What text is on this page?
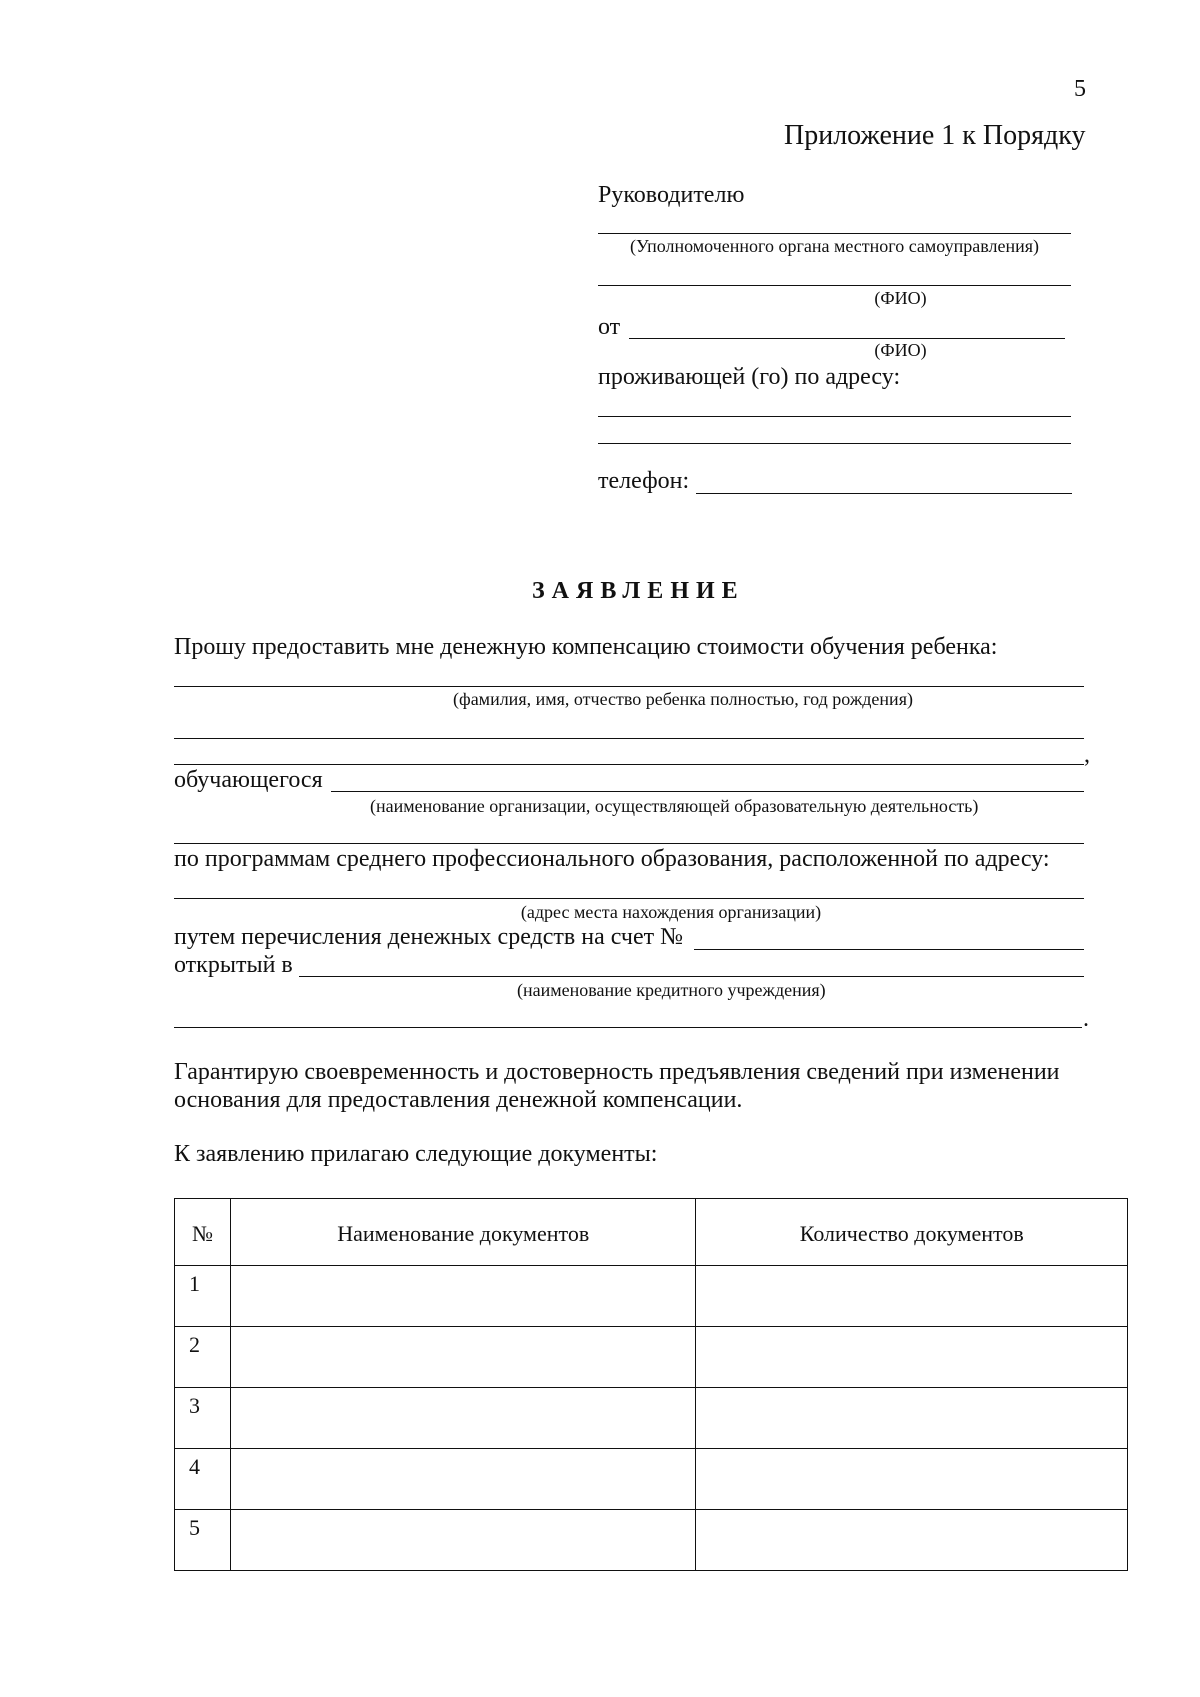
5
Приложение 1 к Порядку
Руководителю
(Уполномоченного органа местного самоуправления)
(ФИО)
от
(ФИО)
проживающей (го) по адресу:
телефон:
ЗАЯВЛЕНИЕ
Прошу предоставить мне денежную компенсацию стоимости обучения ребенка:
(фамилия, имя, отчество ребенка полностью, год рождения)
,
обучающегося
(наименование организации, осуществляющей образовательную деятельность)
по программам среднего профессионального образования, расположенной по адресу:
(адрес места нахождения организации)
путем перечисления денежных средств на счет №
открытый в
(наименование кредитного учреждения)
.
Гарантирую своевременность и достоверность предъявления сведений при изменении
основания для предоставления денежной компенсации.
К заявлению прилагаю следующие документы:
№	Наименование документов	Количество документов
1		
2		
3		
4		
5		
